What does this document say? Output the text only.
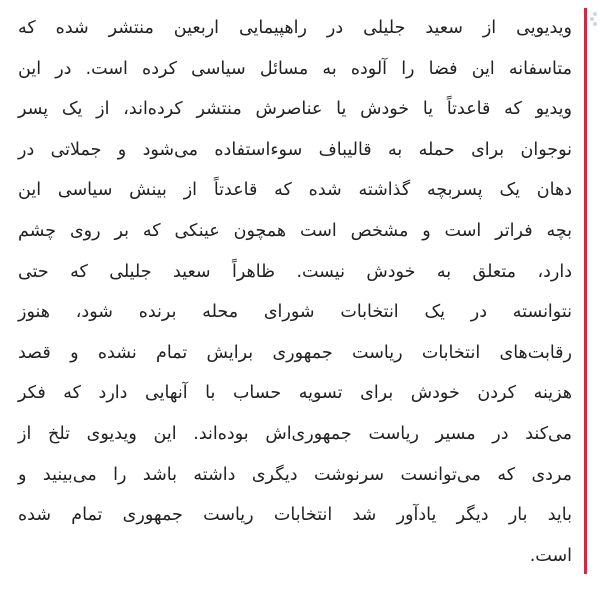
ویدیویی از سعید جلیلی در راهپیمایی اربعین منتشر شده که
متاسفانه این فضا را آلوده به مسائل سیاسی کرده است. در این
ویدیو که قاعدتاً یا خودش یا عناصرش منتشر کرده‌اند، از یک پسر
نوجوان برای حمله به قالیباف سوءاستفاده می‌شود و جملاتی در
دهان یک پسربچه گذاشته شده که قاعدتاً از بینش سیاسی این
بچه فراتر است و مشخص است همچون عینکی که بر روی چشم
دارد، متعلق به خودش نیست. ظاهراً سعید جلیلی که حتی
نتوانسته در یک انتخابات شورای محله برنده شود، هنوز
رقابت‌های انتخابات ریاست جمهوری برایش تمام نشده و قصد
هزینه کردن خودش برای تسویه حساب با آنهایی دارد که فکر
می‌کند در مسیر ریاست جمهوری‌اش بوده‌اند. این ویدیوی تلخ از
مردی که می‌توانست سرنوشت دیگری داشته باشد را می‌بینید و
باید بار دیگر یادآور شد انتخابات ریاست جمهوری تمام شده
است.
